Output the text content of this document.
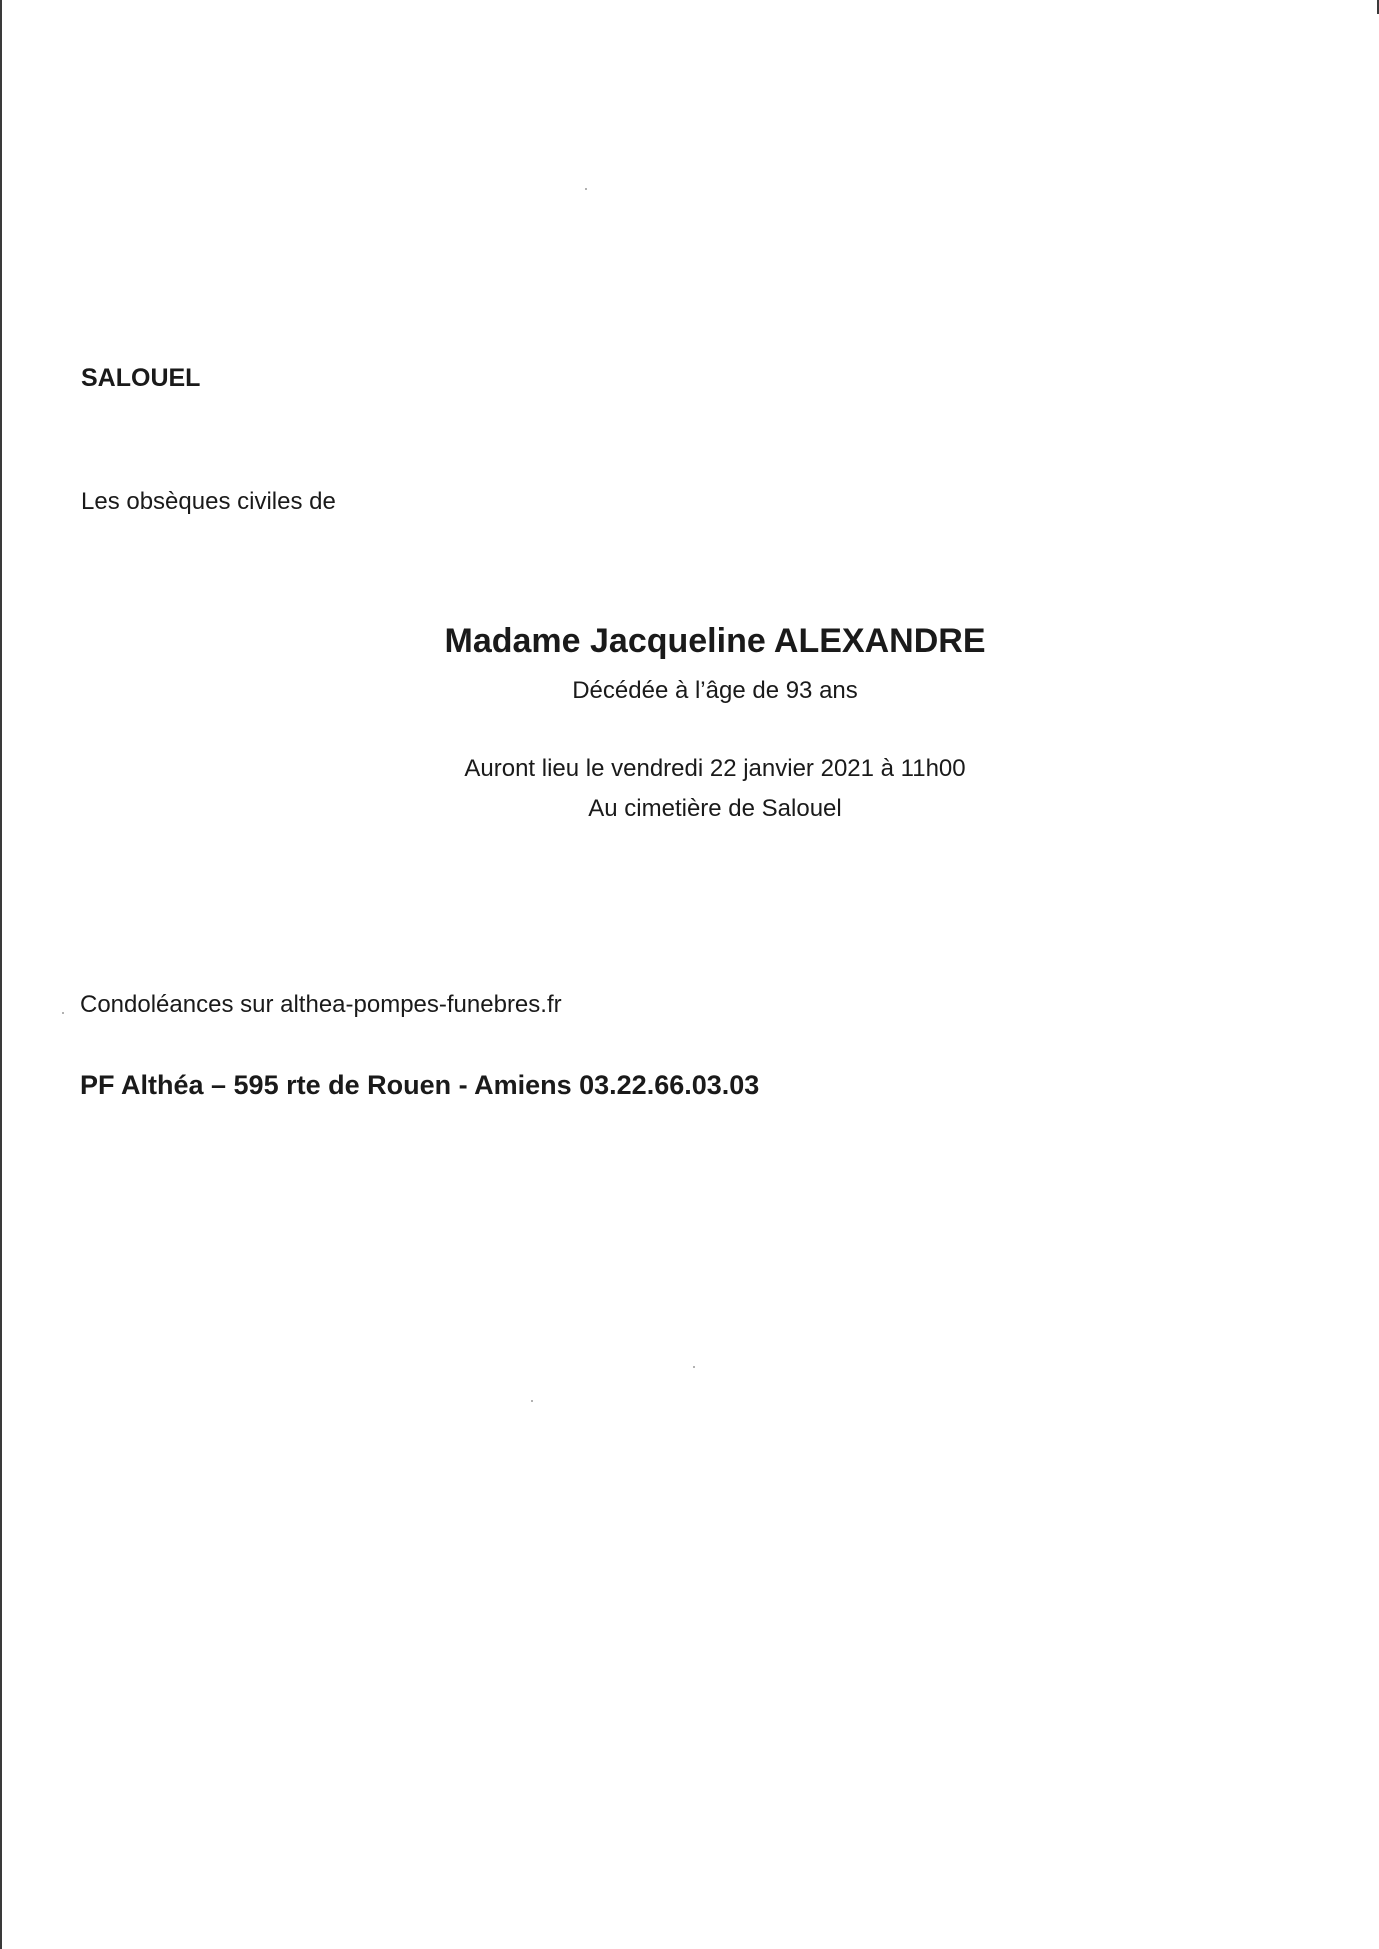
SALOUEL
Les obsèques civiles de
Madame Jacqueline ALEXANDRE
Décédée à l’âge de 93 ans
Auront lieu le vendredi 22 janvier 2021 à 11h00
Au cimetière de Salouel
Condoléances sur althea-pompes-funebres.fr
PF Althéa – 595 rte de Rouen - Amiens 03.22.66.03.03
